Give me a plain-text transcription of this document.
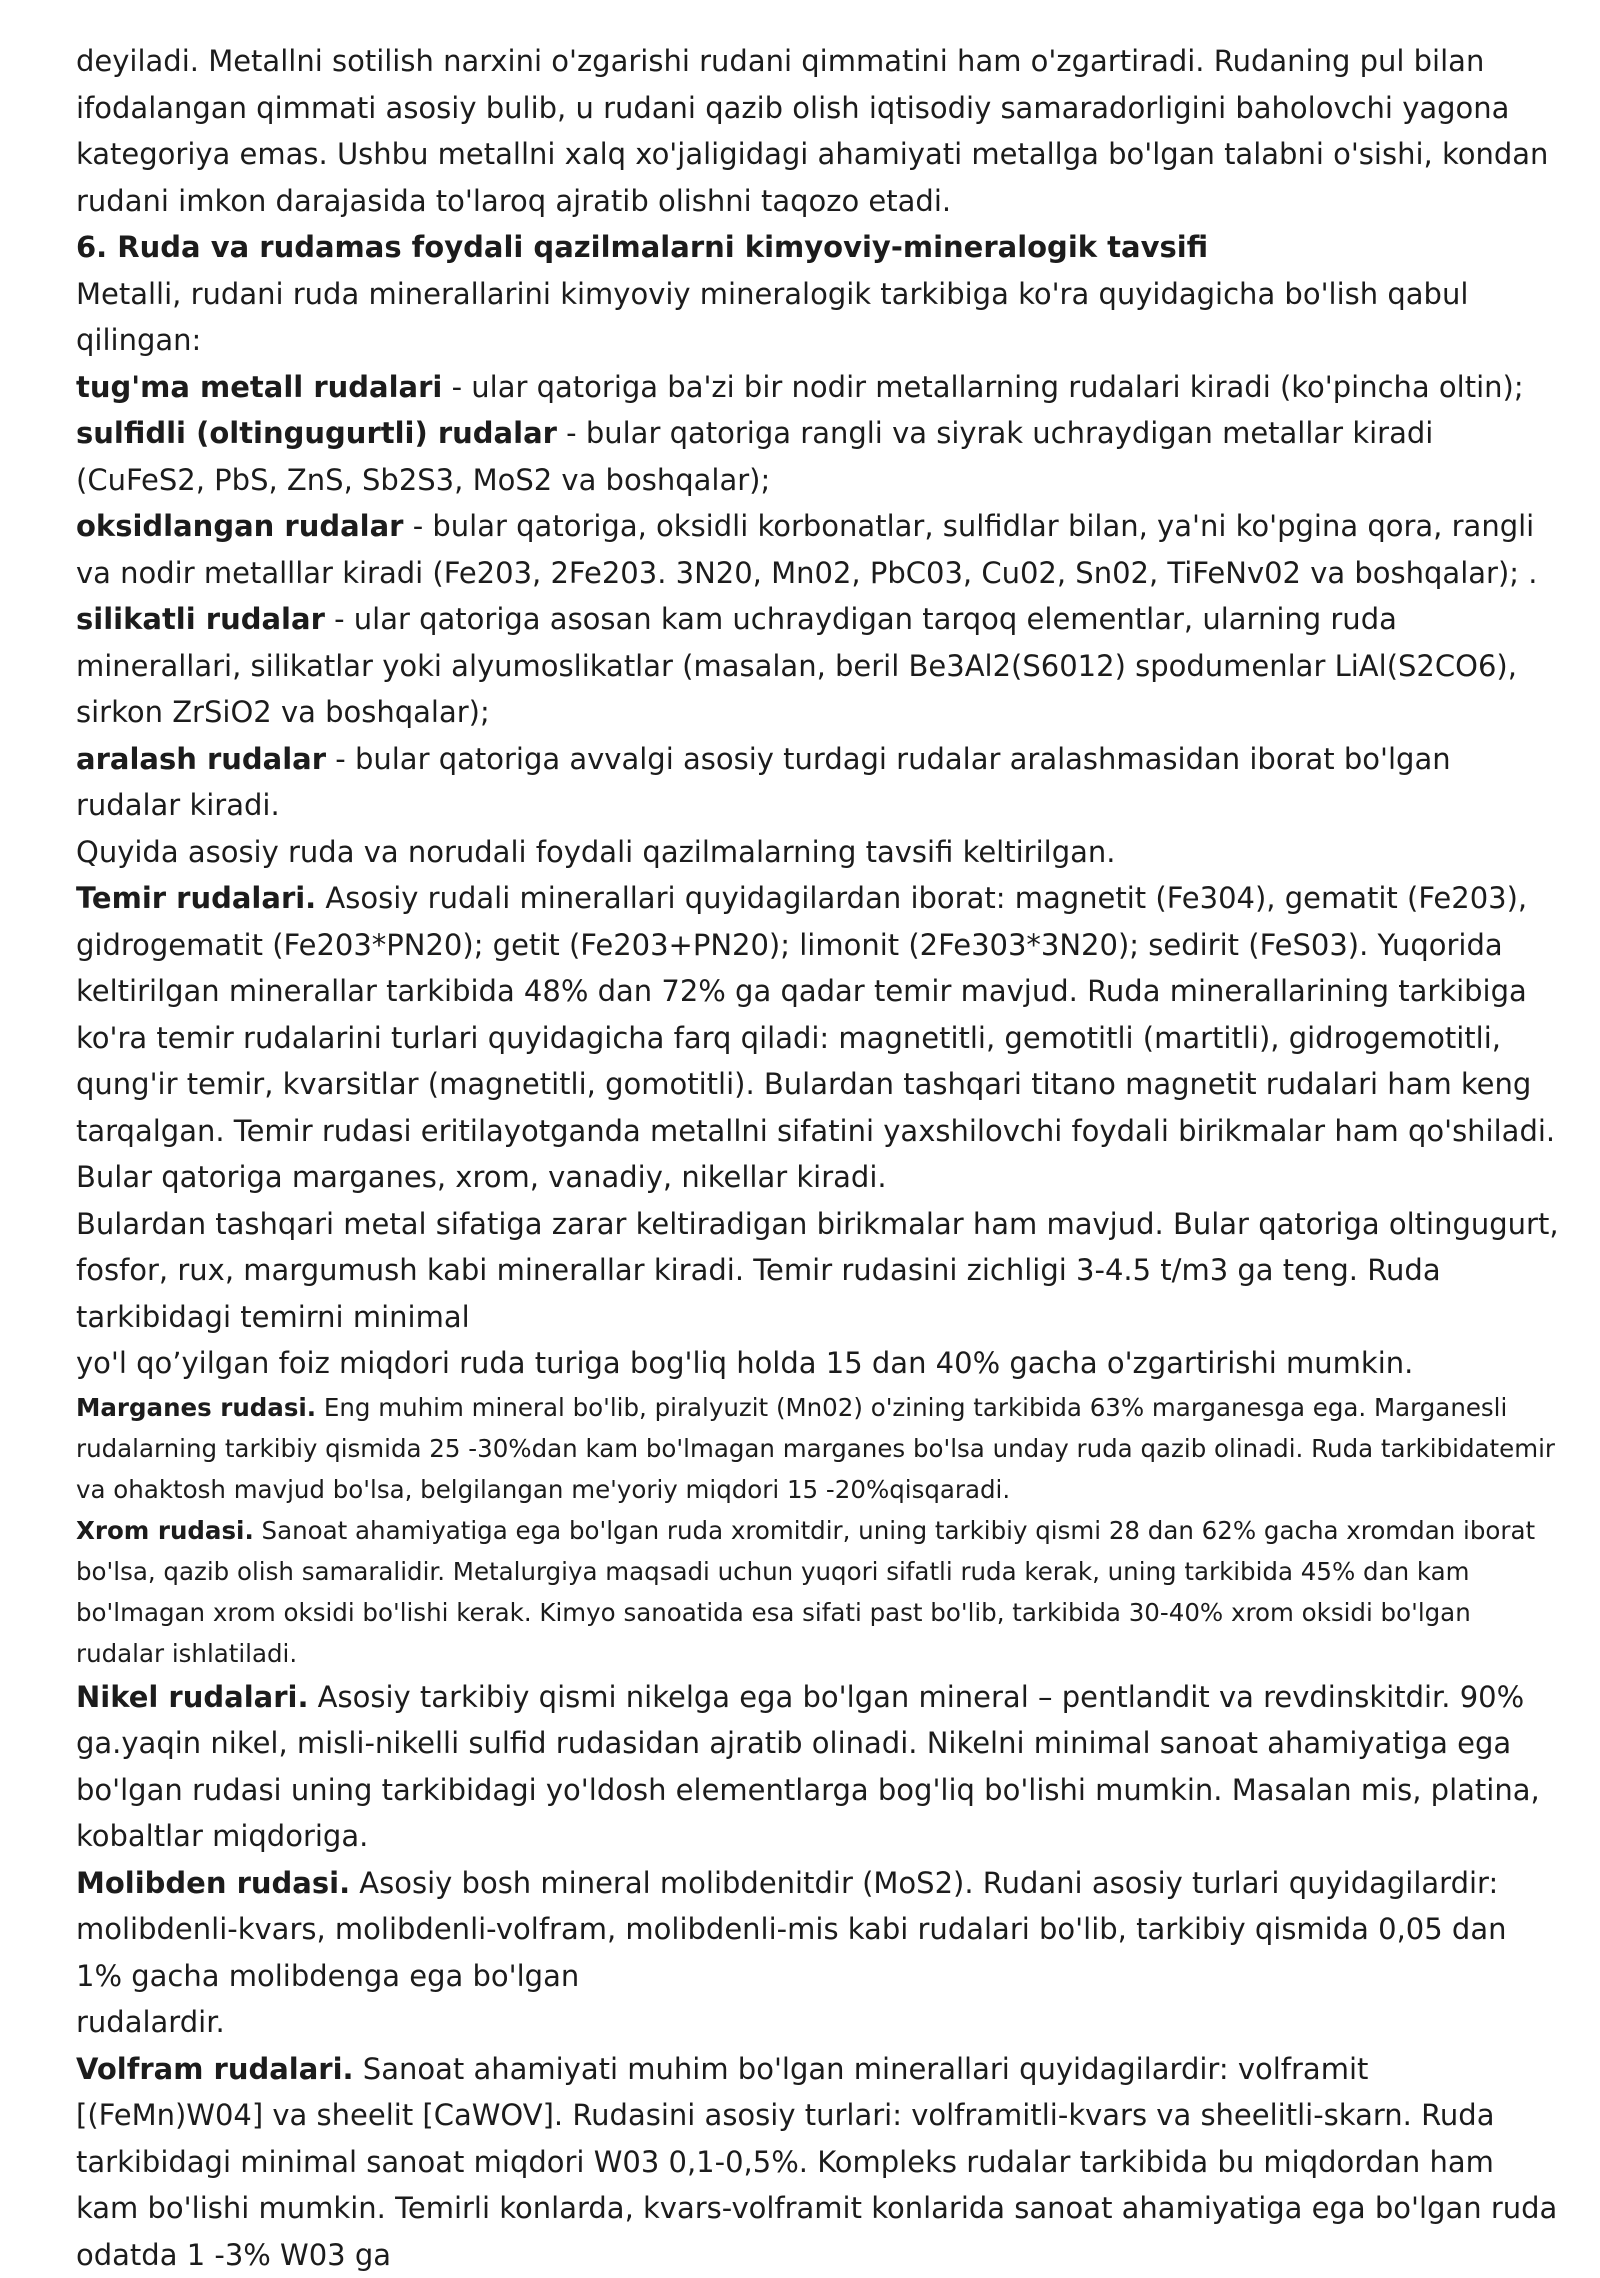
deyiladi. Metallni sotilish narxini o'zgarishi rudani qimmatini ham o'zgartiradi. Rudaning pul bilan ifodalangan qimmati asosiy bulib, u rudani qazib olish iqtisodiy samaradorligini baholovchi yagona kategoriya emas. Ushbu metallni xalq xo'jaligidagi ahamiyati metallga bo'lgan talabni o'sishi, kondan rudani imkon darajasida to'laroq ajratib olishni taqozo etadi.

6. Ruda va rudamas foydali qazilmalarni kimyoviy-mineralogik tavsifi

Metalli, rudani ruda minerallarini kimyoviy mineralogik tarkibiga ko'ra quyidagicha bo'lish qabul qilingan:

tug'ma metall rudalari - ular qatoriga ba'zi bir nodir metallarning rudalari kiradi (ko'pincha oltin);

sulfidli (oltingugurtli) rudalar - bular qatoriga rangli va siyrak uchraydigan metallar kiradi (CuFeS2, PbS, ZnS, Sb2S3, MoS2 va boshqalar);

oksidlangan rudalar - bular qatoriga, oksidli korbonatlar, sulfidlar bilan, ya'ni ko'pgina qora, rangli va nodir metalllar kiradi (Fe203, 2Fe203. 3N20, Mn02, PbC03, Cu02, Sn02, TiFeNv02 va boshqalar); .

silikatli rudalar - ular qatoriga asosan kam uchraydigan tarqoq elementlar, ularning ruda minerallari, silikatlar yoki alyumoslikatlar (masalan, beril Be3Al2(S6012) spodumenlar LiAl(S2CO6), sirkon ZrSiO2 va boshqalar);

aralash rudalar - bular qatoriga avvalgi asosiy turdagi rudalar aralashmasidan iborat bo'lgan rudalar kiradi.

Quyida asosiy ruda va norudali foydali qazilmalarning tavsifi keltirilgan.

Temir rudalari. Asosiy rudali minerallari quyidagilardan iborat: magnetit (Fe304), gematit (Fe203), gidrogematit (Fe203*PN20); getit (Fe203+PN20); limonit (2Fe303*3N20); sedirit (FeS03). Yuqorida keltirilgan minerallar tarkibida 48% dan 72% ga qadar temir mavjud. Ruda minerallarining tarkibiga ko'ra temir rudalarini turlari quyidagicha farq qiladi: magnetitli, gemotitli (martitli), gidrogemotitli, qung'ir temir, kvarsitlar (magnetitli, gomotitli). Bulardan tashqari titano magnetit rudalari ham keng tarqalgan. Temir rudasi eritilayotganda metallni sifatini yaxshilovchi foydali birikmalar ham qo'shiladi. Bular qatoriga marganes, xrom, vanadiy, nikellar kiradi.

Bulardan tashqari metal sifatiga zarar keltiradigan birikmalar ham mavjud. Bular qatoriga oltingugurt, fosfor, rux, margumush kabi minerallar kiradi. Temir rudasini zichligi 3-4.5 t/m3 ga teng. Ruda tarkibidagi temirni minimal

yo'l qo’yilgan foiz miqdori ruda turiga bog'liq holda 15 dan 40% gacha o'zgartirishi mumkin.

Marganes rudasi. Eng muhim mineral bo'lib, piralyuzit (Mn02) o'zining tarkibida 63% marganesga ega. Marganesli rudalarning tarkibiy qismida 25 -30%dan kam bo'lmagan marganes bo'lsa unday ruda qazib olinadi. Ruda tarkibidatemir va ohaktosh mavjud bo'lsa, belgilangan me'yoriy miqdori 15 -20%qisqaradi.

Xrom rudasi. Sanoat ahamiyatiga ega bo'lgan ruda xromitdir, uning tarkibiy qismi 28 dan 62% gacha xromdan iborat bo'lsa, qazib olish samaralidir. Metalurgiya maqsadi uchun yuqori sifatli ruda kerak, uning tarkibida 45% dan kam bo'lmagan xrom oksidi bo'lishi kerak. Kimyo sanoatida esa sifati past bo'lib, tarkibida 30-40% xrom oksidi bo'lgan rudalar ishlatiladi.

Nikel rudalari. Asosiy tarkibiy qismi nikelga ega bo'lgan mineral – pentlandit va revdinskitdir. 90% ga.yaqin nikel, misli-nikelli sulfid rudasidan ajratib olinadi. Nikelni minimal sanoat ahamiyatiga ega bo'lgan rudasi uning tarkibidagi yo'ldosh elementlarga bog'liq bo'lishi mumkin. Masalan mis, platina, kobaltlar miqdoriga.

Molibden rudasi. Asosiy bosh mineral molibdenitdir (MoS2). Rudani asosiy turlari quyidagilardir: molibdenli-kvars, molibdenli-volfram, molibdenli-mis kabi rudalari bo'lib, tarkibiy qismida 0,05 dan 1% gacha molibdenga ega bo'lgan

rudalardir.

Volfram rudalari. Sanoat ahamiyati muhim bo'lgan minerallari quyidagilardir: volframit [(FeMn)W04] va sheelit [CaWOV]. Rudasini asosiy turlari: volframitli-kvars va sheelitli-skarn. Ruda tarkibidagi minimal sanoat miqdori W03 0,1-0,5%. Kompleks rudalar tarkibida bu miqdordan ham kam bo'lishi mumkin. Temirli konlarda, kvars-volframit konlarida sanoat ahamiyatiga ega bo'lgan ruda odatda 1 -3% W03 ga
